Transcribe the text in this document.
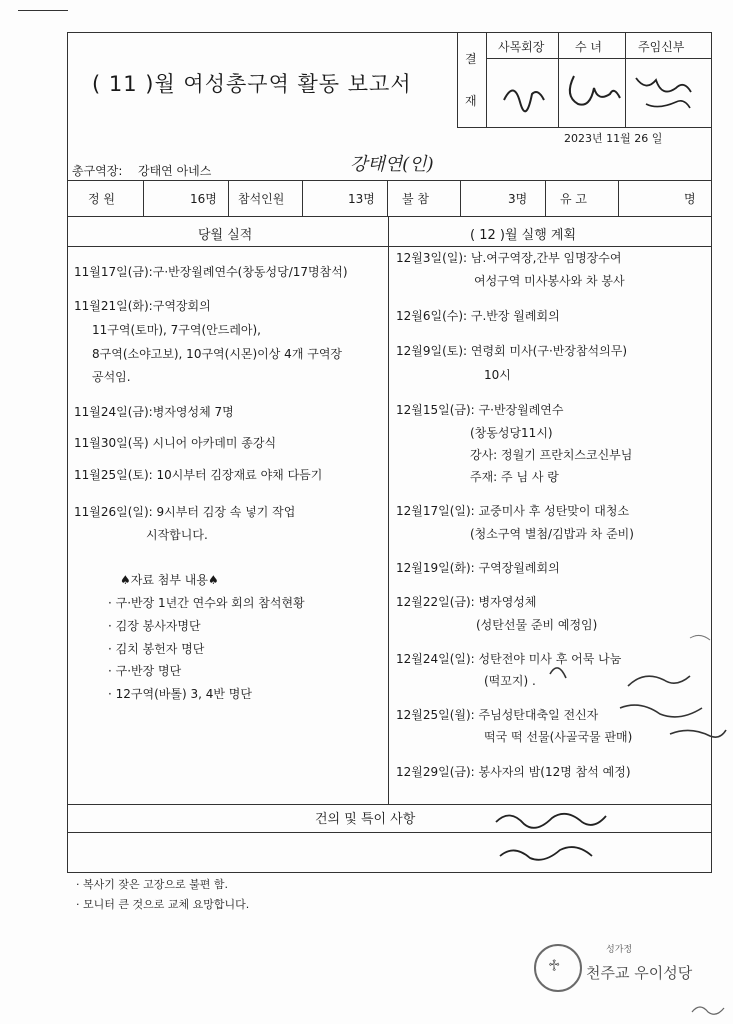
( 11 )월 여성총구역 활동 보고서
결
재
사목회장	수 녀	주임신부
2023년 11월 26 일
총구역장: 강태연 아네스	강태연(인)
정 원	16명 참석인원	13명 불 참	3명	유 고	명
당월 실적	( 12 )월 실행 계획
11월17일(금):구·반장월례연수(창동성당/17명참석)
11월21일(화):구역장회의
11구역(토마), 7구역(안드레아),
8구역(소야고보), 10구역(시몬)이상 4개 구역장
공석임.
11월24일(금):병자영성체 7명
11월30일(목) 시니어 아카데미 종강식
11월25일(토): 10시부터 김장재료 야채 다듬기
11월26일(일): 9시부터 김장 속 넣기 작업
시작합니다.
♠자료 첨부 내용♠
· 구·반장 1년간 연수와 회의 참석현황
· 김장 봉사자명단
· 김치 봉헌자 명단
· 구·반장 명단
· 12구역(바톨) 3, 4반 명단
12월3일(일): 남.여구역장,간부 임명장수여
여성구역 미사봉사와 차 봉사
12월6일(수): 구.반장 월례회의
12월9일(토): 연령회 미사(구·반장참석의무)
10시
12월15일(금): 구·반장월례연수
(창동성당11시)
강사: 정월기 프란치스코신부님
주재: 주 님 사 랑
12월17일(일): 교중미사 후 성탄맞이 대청소
(청소구역 별첨/김밥과 차 준비)
12월19일(화): 구역장월례회의
12월22일(금): 병자영성체
(성탄선물 준비 예정임)
12월24일(일): 성탄전야 미사 후 어묵 나눔
(떡꼬지) .
12월25일(월): 주님성탄대축일 전신자
떡국 떡 선물(사골국물 판매)
12월29일(금): 봉사자의 밤(12명 참석 예정)
건의 및 특이 사항
· 복사기 잦은 고장으로 불편 함.
· 모니터 큰 것으로 교체 요망합니다.
♱
성가정
천주교 우이성당
